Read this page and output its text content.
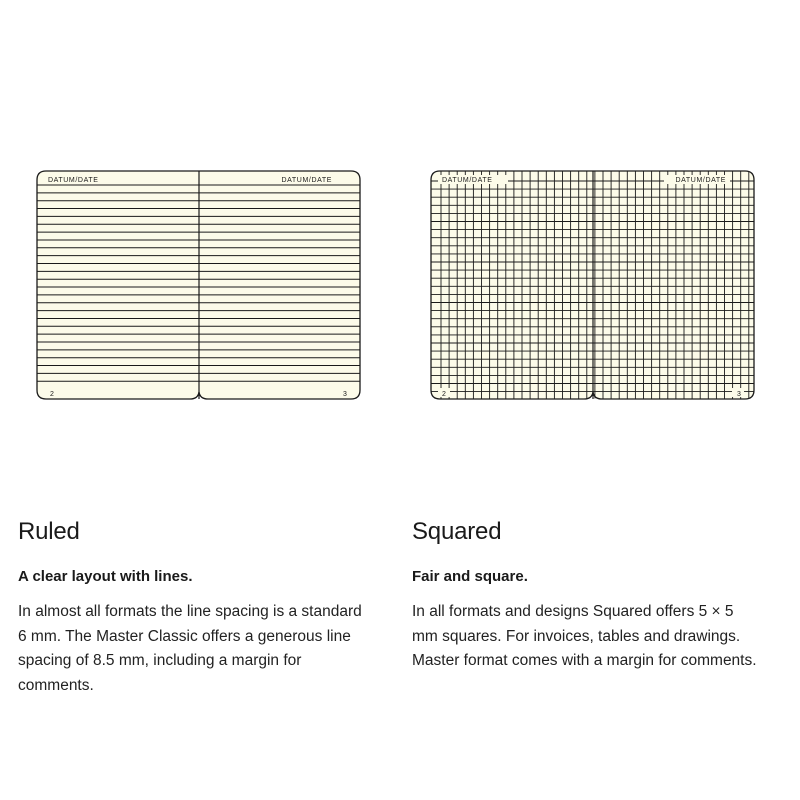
DATUM/DATE	DATUM/DATE
2	3
DATUM/DATE	DATUM/DATE
2	3
Ruled
A clear layout with lines.

In almost all formats the line spacing is a standard 6 mm. The Master Classic offers a generous line spacing of 8.5 mm, including a margin for comments.

Squared
Fair and square.

In all formats and designs Squared offers 5 × 5 mm squares. For invoices, tables and drawings. Master format comes with a margin for comments.
